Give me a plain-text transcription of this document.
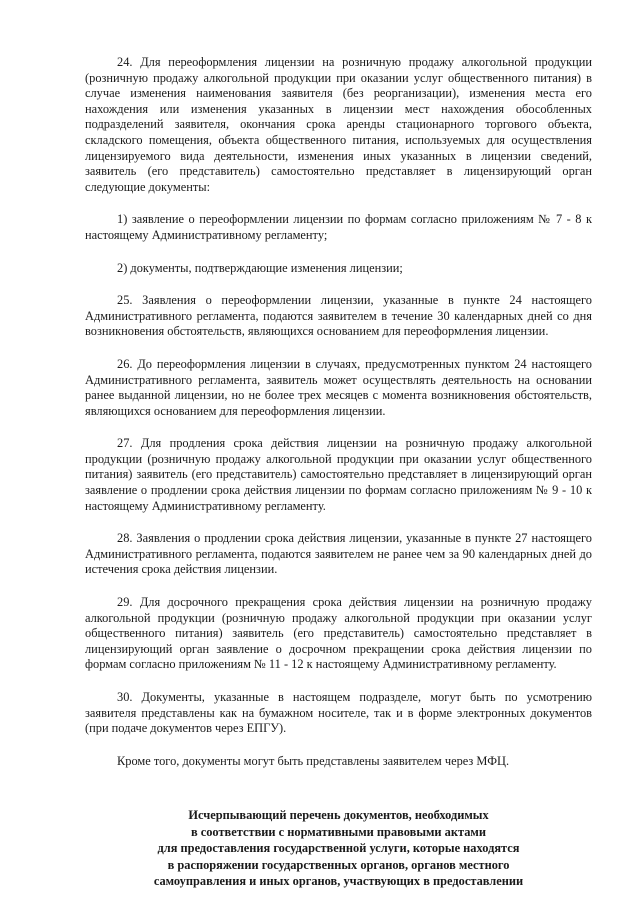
24. Для переоформления лицензии на розничную продажу алкогольной продукции (розничную продажу алкогольной продукции при оказании услуг общественного питания) в случае изменения наименования заявителя (без реорганизации), изменения места его нахождения или изменения указанных в лицензии мест нахождения обособленных подразделений заявителя, окончания срока аренды стационарного торгового объекта, складского помещения, объекта общественного питания, используемых для осуществления лицензируемого вида деятельности, изменения иных указанных в лицензии сведений, заявитель (его представитель) самостоятельно представляет в лицензирующий орган следующие документы:

1) заявление о переоформлении лицензии по формам согласно приложениям № 7 - 8 к настоящему Административному регламенту;

2) документы, подтверждающие изменения лицензии;

25. Заявления о переоформлении лицензии, указанные в пункте 24 настоящего Административного регламента, подаются заявителем в течение 30 календарных дней со дня возникновения обстоятельств, являющихся основанием для переоформления лицензии.

26. До переоформления лицензии в случаях, предусмотренных пунктом 24 настоящего Административного регламента, заявитель может осуществлять деятельность на основании ранее выданной лицензии, но не более трех месяцев с момента возникновения обстоятельств, являющихся основанием для переоформления лицензии.

27. Для продления срока действия лицензии на розничную продажу алкогольной продукции (розничную продажу алкогольной продукции при оказании услуг общественного питания) заявитель (его представитель) самостоятельно представляет в лицензирующий орган заявление о продлении срока действия лицензии по формам согласно приложениям № 9 - 10 к настоящему Административному регламенту.

28. Заявления о продлении срока действия лицензии, указанные в пункте 27 настоящего Административного регламента, подаются заявителем не ранее чем за 90 календарных дней до истечения срока действия лицензии.

29. Для досрочного прекращения срока действия лицензии на розничную продажу алкогольной продукции (розничную продажу алкогольной продукции при оказании услуг общественного питания) заявитель (его представитель) самостоятельно представляет в лицензирующий орган заявление о досрочном прекращении срока действия лицензии по формам согласно приложениям № 11 - 12 к настоящему Административному регламенту.

30. Документы, указанные в настоящем подразделе, могут быть по усмотрению заявителя представлены как на бумажном носителе, так и в форме электронных документов (при подаче документов через ЕПГУ).

Кроме того, документы могут быть представлены заявителем через МФЦ.

Исчерпывающий перечень документов, необходимых
в соответствии с нормативными правовыми актами
для предоставления государственной услуги, которые находятся
в распоряжении государственных органов, органов местного
самоуправления и иных органов, участвующих в предоставлении
